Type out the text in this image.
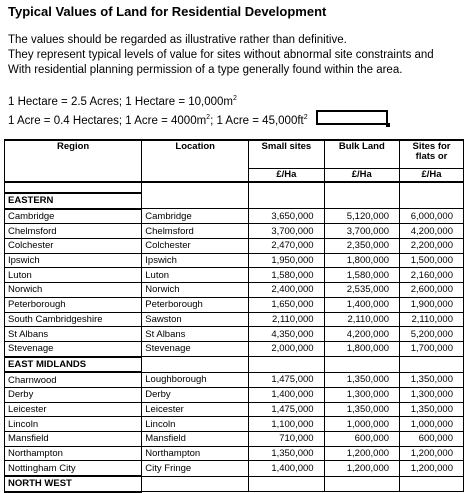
Typical Values of Land for Residential Development
The values should be regarded as illustrative rather than definitive.
They represent typical levels of value for sites without abnormal site constraints and
With residential planning permission of a type generally found within the area.
1 Hectare = 2.5 Acres; 1 Hectare = $10,000m^2$
1 Acre = 0.4 Hectares; 1 Acre = $4000m^2$; 1 Acre = $45,000ft^2$
Region	Location	Small sites	Bulk Land	Sites for
flats or
		£/Ha	£/Ha	£/Ha

EASTERN				
Cambridge	Cambridge	3,650,000	5,120,000	6,000,000
Chelmsford	Chelmsford	3,700,000	3,700,000	4,200,000
Colchester	Colchester	2,470,000	2,350,000	2,200,000
Ipswich	Ipswich	1,950,000	1,800,000	1,500,000
Luton	Luton	1,580,000	1,580,000	2,160,000
Norwich	Norwich	2,400,000	2,535,000	2,600,000
Peterborough	Peterborough	1,650,000	1,400,000	1,900,000
South Cambridgeshire	Sawston	2,110,000	2,110,000	2,110,000
St Albans	St Albans	4,350,000	4,200,000	5,200,000
Stevenage	Stevenage	2,000,000	1,800,000	1,700,000
EAST MIDLANDS				
Charnwood	Loughborough	1,475,000	1,350,000	1,350,000
Derby	Derby	1,400,000	1,300,000	1,300,000
Leicester	Leicester	1,475,000	1,350,000	1,350,000
Lincoln	Lincoln	1,100,000	1,000,000	1,000,000
Mansfield	Mansfield	710,000	600,000	600,000
Northampton	Northampton	1,350,000	1,200,000	1,200,000
Nottingham City	City Fringe	1,400,000	1,200,000	1,200,000
NORTH WEST				
